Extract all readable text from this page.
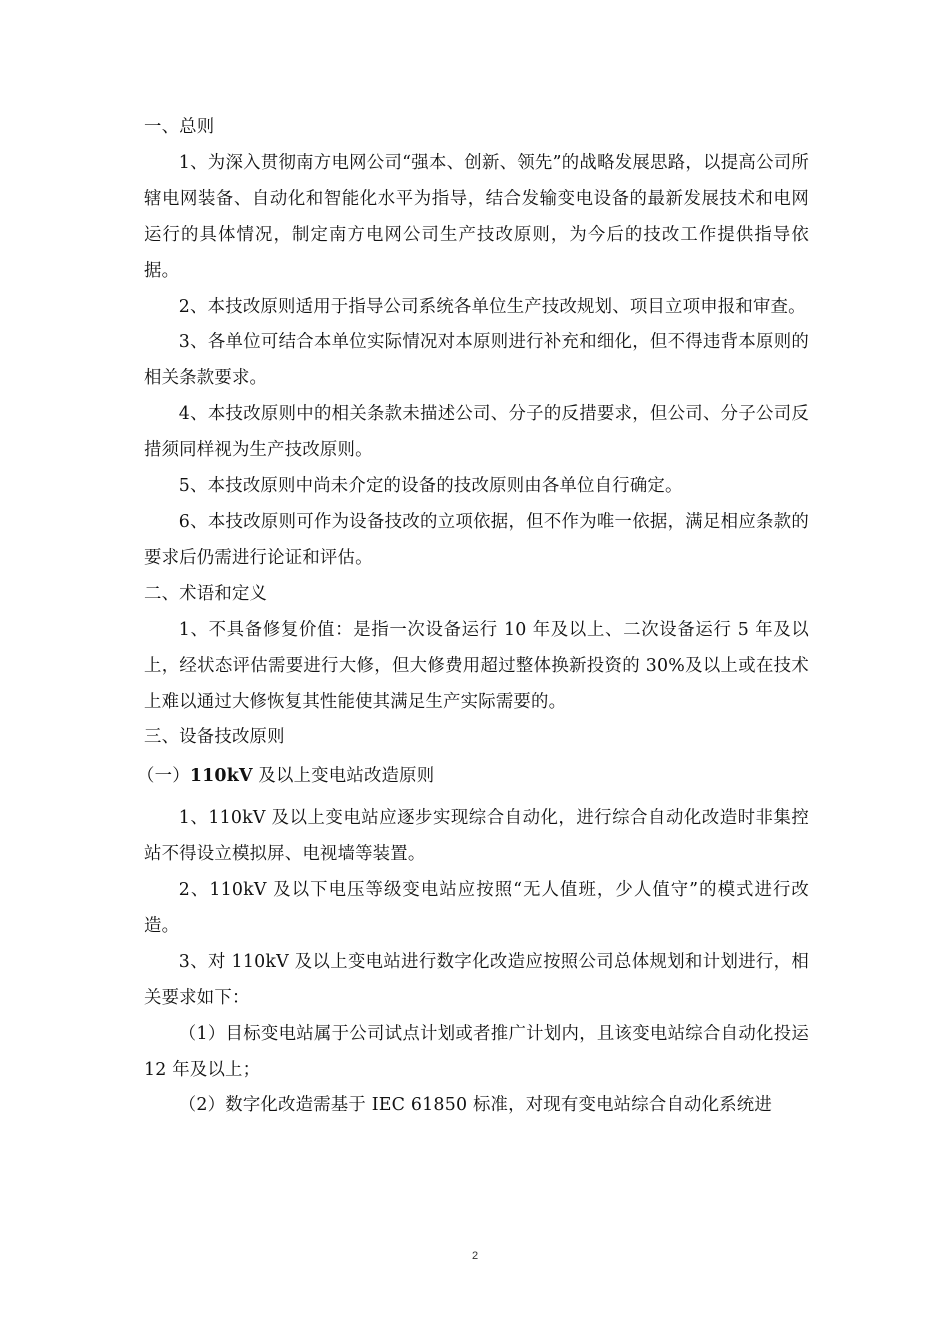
一、总则

1、为深入贯彻南方电网公司“强本、创新、领先”的战略发展思路，以提高公司所辖电网装备、自动化和智能化水平为指导，结合发输变电设备的最新发展技术和电网运行的具体情况，制定南方电网公司生产技改原则，为今后的技改工作提供指导依据。

2、本技改原则适用于指导公司系统各单位生产技改规划、项目立项申报和审查。

3、各单位可结合本单位实际情况对本原则进行补充和细化，但不得违背本原则的相关条款要求。

4、本技改原则中的相关条款未描述公司、分子的反措要求，但公司、分子公司反措须同样视为生产技改原则。

5、本技改原则中尚未介定的设备的技改原则由各单位自行确定。

6、本技改原则可作为设备技改的立项依据，但不作为唯一依据，满足相应条款的要求后仍需进行论证和评估。

二、术语和定义

1、不具备修复价值：是指一次设备运行 10 年及以上、二次设备运行 5 年及以上，经状态评估需要进行大修，但大修费用超过整体换新投资的 30%及以上或在技术上难以通过大修恢复其性能使其满足生产实际需要的。

三、设备技改原则

（一）110kV 及以上变电站改造原则

1、110kV 及以上变电站应逐步实现综合自动化，进行综合自动化改造时非集控站不得设立模拟屏、电视墙等装置。

2、110kV 及以下电压等级变电站应按照“无人值班，少人值守”的模式进行改造。

3、对 110kV 及以上变电站进行数字化改造应按照公司总体规划和计划进行，相关要求如下：

（1）目标变电站属于公司试点计划或者推广计划内，且该变电站综合自动化投运 12 年及以上；

（2）数字化改造需基于 IEC 61850 标准，对现有变电站综合自动化系统进

2
